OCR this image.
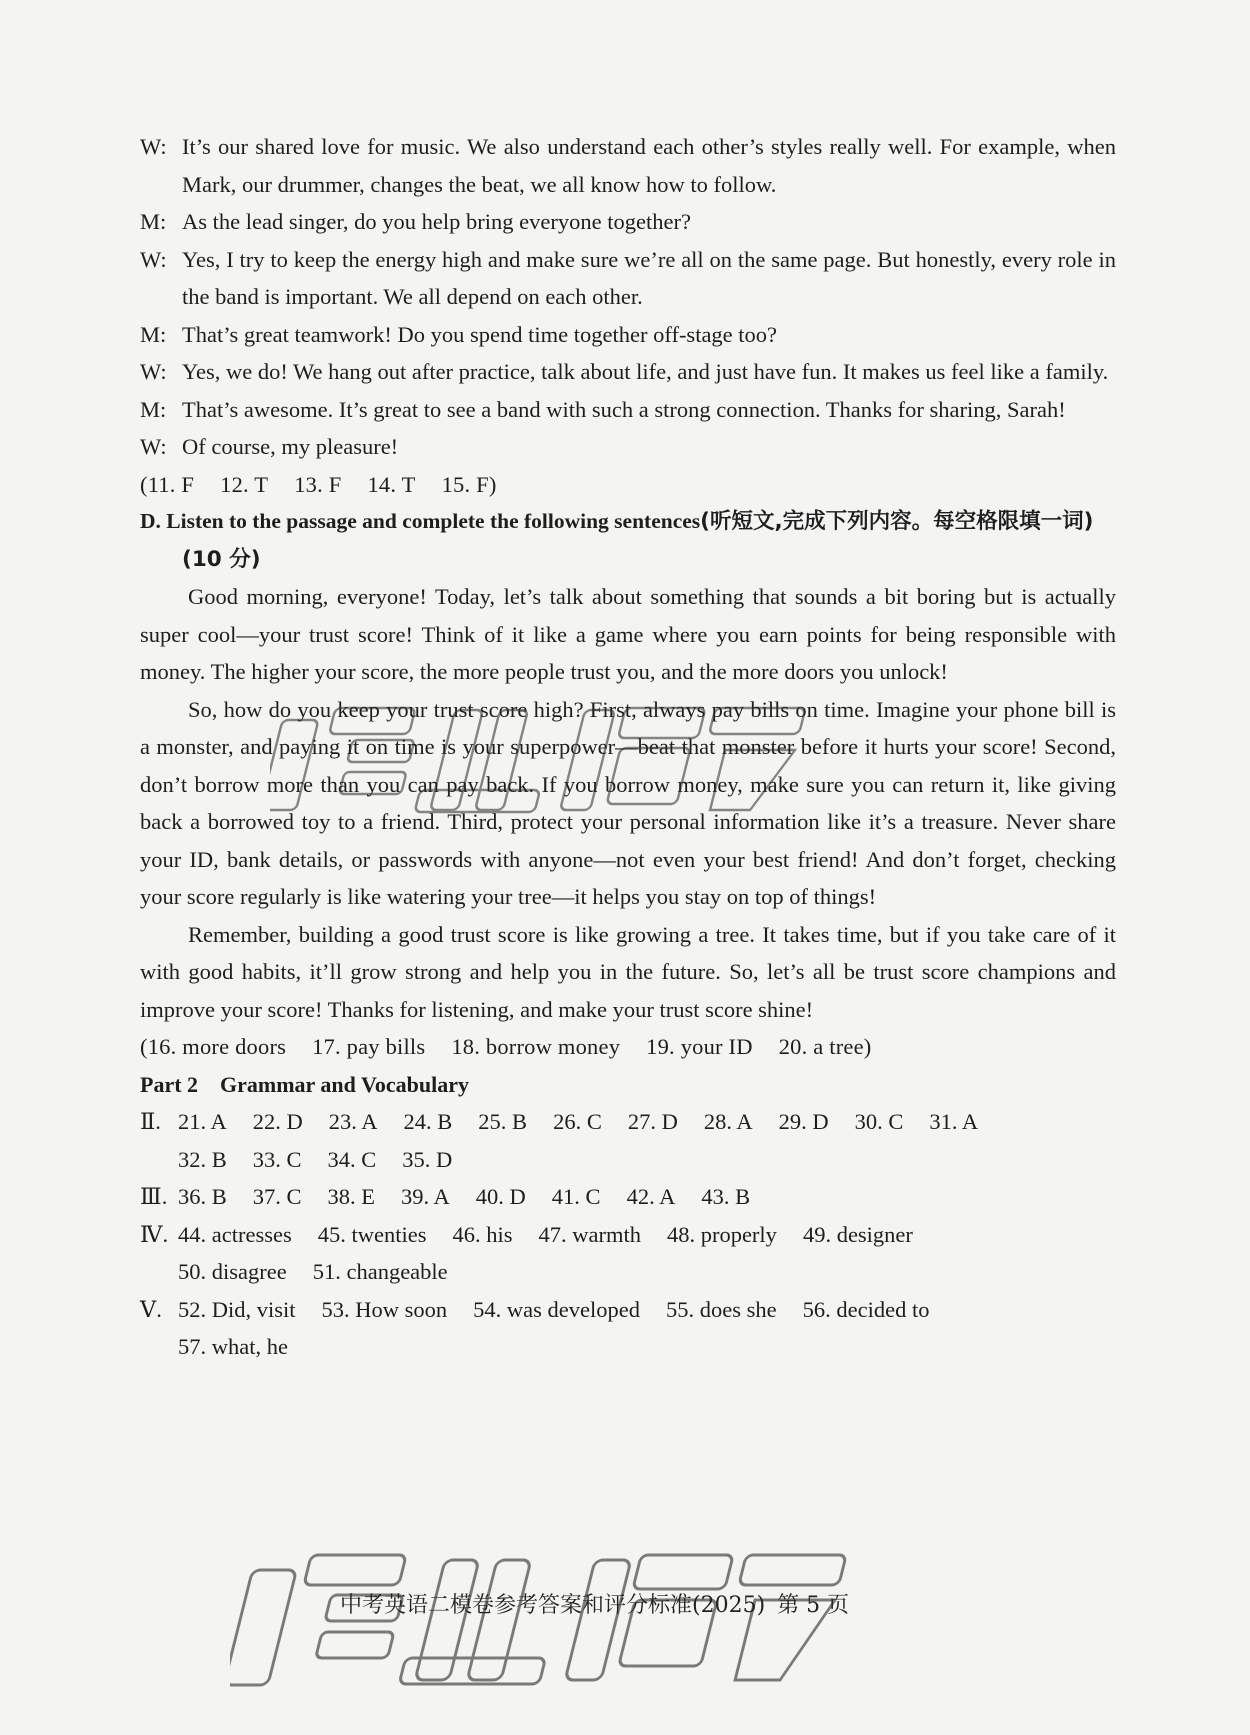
W: It’s our shared love for music. We also understand each other’s styles really well. For example, when Mark, our drummer, changes the beat, we all know how to follow.

M: As the lead singer, do you help bring everyone together?

W: Yes, I try to keep the energy high and make sure we’re all on the same page. But honestly, every role in the band is important. We all depend on each other.

M: That’s great teamwork! Do you spend time together off-stage too?

W: Yes, we do! We hang out after practice, talk about life, and just have fun. It makes us feel like a family.

M: That’s awesome. It’s great to see a band with such a strong connection. Thanks for sharing, Sarah!

W: Of course, my pleasure!

(11. F 12. T 13. F 14. T 15. F)

D. Listen to the passage and complete the following sentences(听短文,完成下列内容。每空格限填一词)(10 分)

Good morning, everyone! Today, let’s talk about something that sounds a bit boring but is actually super cool—your trust score! Think of it like a game where you earn points for being responsible with money. The higher your score, the more people trust you, and the more doors you unlock!

So, how do you keep your trust score high? First, always pay bills on time. Imagine your phone bill is a monster, and paying it on time is your superpower—beat that monster before it hurts your score! Second, don’t borrow more than you can pay back. If you borrow money, make sure you can return it, like giving back a borrowed toy to a friend. Third, protect your personal information like it’s a treasure. Never share your ID, bank details, or passwords with anyone—not even your best friend! And don’t forget, checking your score regularly is like watering your tree—it helps you stay on top of things!

Remember, building a good trust score is like growing a tree. It takes time, but if you take care of it with good habits, it’ll grow strong and help you in the future. So, let’s all be trust score champions and improve your score! Thanks for listening, and make your trust score shine!

(16. more doors 17. pay bills 18. borrow money 19. your ID 20. a tree)

Part 2 Grammar and Vocabulary

Ⅱ. 21. A 22. D 23. A 24. B 25. B 26. C 27. D 28. A 29. D 30. C 31. A

32. B 33. C 34. C 35. D

Ⅲ. 36. B 37. C 38. E 39. A 40. D 41. C 42. A 43. B

Ⅳ. 44. actresses 45. twenties 46. his 47. warmth 48. properly 49. designer

50. disagree 51. changeable

Ⅴ. 52. Did, visit 53. How soon 54. was developed 55. does she 56. decided to

57. what, he

中考英语二模卷参考答案和评分标准(2025) 第 5 页
